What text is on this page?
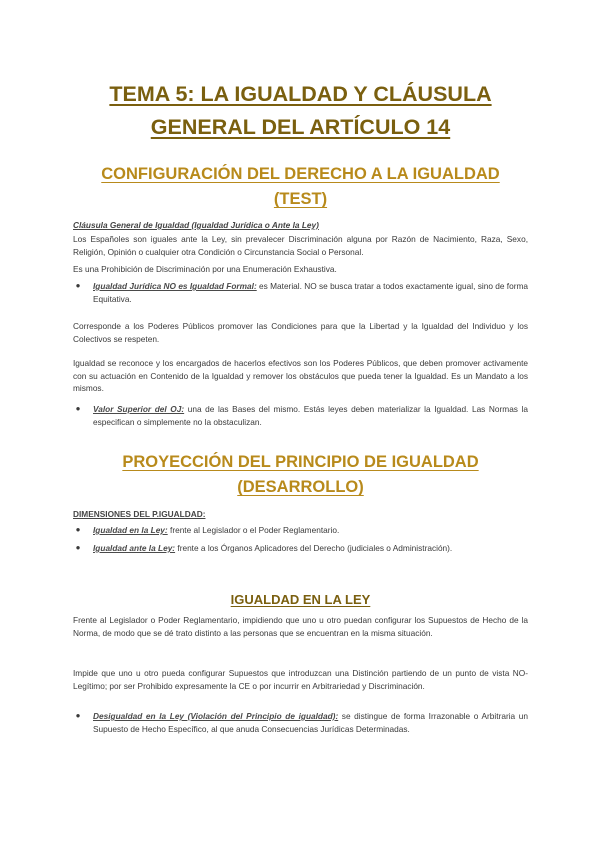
TEMA 5: LA IGUALDAD Y CLÁUSULA GENERAL DEL ARTÍCULO 14
CONFIGURACIÓN DEL DERECHO A LA IGUALDAD (TEST)

Cláusula General de Igualdad (Igualdad Jurídica o Ante la Ley)

Los Españoles son iguales ante la Ley, sin prevalecer Discriminación alguna por Razón de Nacimiento, Raza, Sexo, Religión, Opinión o cualquier otra Condición o Circunstancia Social o Personal.

Es una Prohibición de Discriminación por una Enumeración Exhaustiva.

●	Igualdad Jurídica NO es Igualdad Formal: es Material. NO se busca tratar a todos exactamente igual, sino de forma Equitativa.

Corresponde a los Poderes Públicos promover las Condiciones para que la Libertad y la Igualdad del Individuo y los Colectivos se respeten.

Igualdad se reconoce y los encargados de hacerlos efectivos son los Poderes Públicos, que deben promover activamente con su actuación en Contenido de la Igualdad y remover los obstáculos que pueda tener la Igualdad. Es un Mandato a los mismos.

●	Valor Superior del OJ: una de las Bases del mismo. Estás leyes deben materializar la Igualdad. Las Normas la especifican o simplemente no la obstaculizan.
PROYECCIÓN DEL PRINCIPIO DE IGUALDAD (DESARROLLO)

DIMENSIONES DEL P.IGUALDAD:

●	Igualdad en la Ley: frente al Legislador o el Poder Reglamentario.
●	Igualdad ante la Ley: frente a los Órganos Aplicadores del Derecho (judiciales o Administración).
IGUALDAD EN LA LEY

Frente al Legislador o Poder Reglamentario, impidiendo que uno u otro puedan configurar los Supuestos de Hecho de la Norma, de modo que se dé trato distinto a las personas que se encuentran en la misma situación.

Impide que uno u otro pueda configurar Supuestos que introduzcan una Distinción partiendo de un punto de vista NO-Legítimo; por ser Prohibido expresamente la CE o por incurrir en Arbitrariedad y Discriminación.

●	Desigualdad en la Ley (Violación del Principio de igualdad): se distingue de forma Irrazonable o Arbitraria un Supuesto de Hecho Específico, al que anuda Consecuencias Jurídicas Determinadas.
